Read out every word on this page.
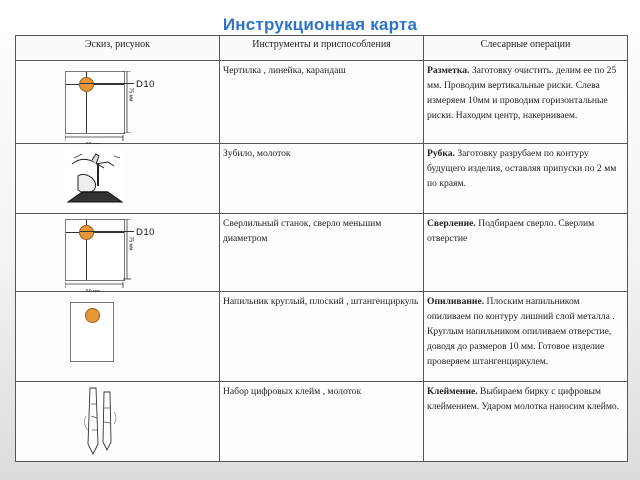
Инструкционная карта
Эскиз, рисунок	Инструменты и приспособления	Слесарные операции

D10
75 мм	Чертилка , линейка, карандаш	Разметка. Заготовку очистить. делим ее по 25 мм. Проводим вертикальные риски. Слева измеряем 10мм и проводим горизонтальные риски. Находим центр, накерниваем.

	Зубило, молоток	Рубка. Заготовку разрубаем по контуру будущего изделия, оставляя припуски по 2 мм по краям.

D10
75 мм	Сверлильный станок, сверло меньшим диаметром	Сверление. Подбираем сверло. Сверлим отверстие

	Напильник круглый, плоский , штангенциркуль	Опиливание. Плоским напильником опиливаем по контуру лишний слой металла . Круглым напильником опиливаем отверстие, доводя до размеров 10 мм. Готовое изделие проверяем штангенциркулем.

	Набор цифровых клейм , молоток	Клеймение. Выбираем бирку с цифровым клеймением. Ударом молотка наносим клеймо.
